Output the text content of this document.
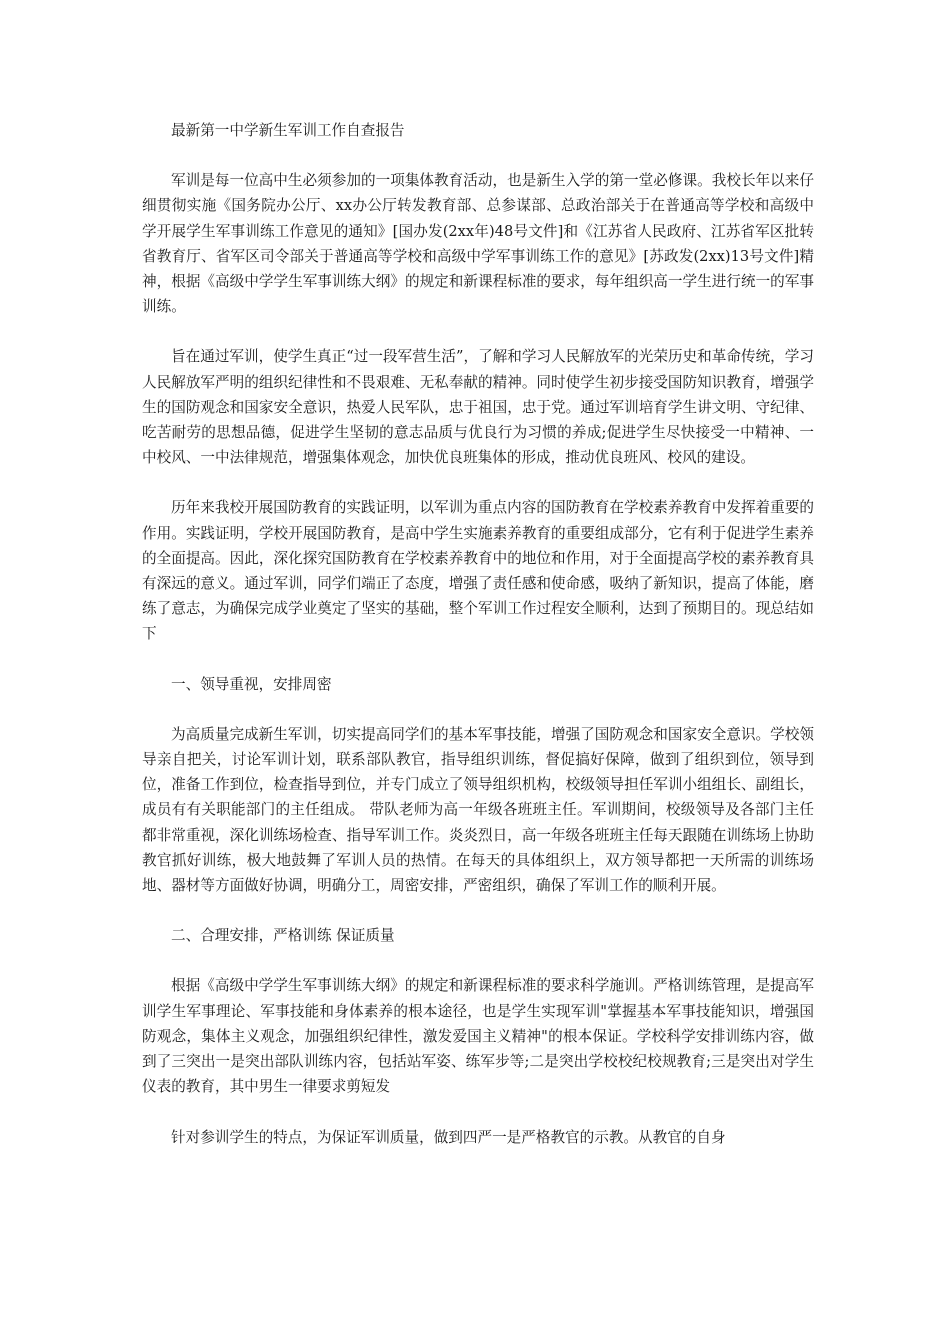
最新第一中学新生军训工作自查报告

军训是每一位高中生必须参加的一项集体教育活动，也是新生入学的第一堂必修课。我校长年以来仔细贯彻实施《国务院办公厅、xx办公厅转发教育部、总参谋部、总政治部关于在普通高等学校和高级中学开展学生军事训练工作意见的通知》[国办发(2xx年)48号文件]和《江苏省人民政府、江苏省军区批转省教育厅、省军区司令部关于普通高等学校和高级中学军事训练工作的意见》[苏政发(2xx)13号文件]精神，根据《高级中学学生军事训练大纲》的规定和新课程标准的要求，每年组织高一学生进行统一的军事训练。

旨在通过军训，使学生真正“过一段军营生活”，了解和学习人民解放军的光荣历史和革命传统，学习人民解放军严明的组织纪律性和不畏艰难、无私奉献的精神。同时使学生初步接受国防知识教育，增强学生的国防观念和国家安全意识，热爱人民军队，忠于祖国，忠于党。通过军训培育学生讲文明、守纪律、吃苦耐劳的思想品德，促进学生坚韧的意志品质与优良行为习惯的养成;促进学生尽快接受一中精神、一中校风、一中法律规范，增强集体观念，加快优良班集体的形成，推动优良班风、校风的建设。

历年来我校开展国防教育的实践证明，以军训为重点内容的国防教育在学校素养教育中发挥着重要的作用。实践证明，学校开展国防教育，是高中学生实施素养教育的重要组成部分，它有利于促进学生素养的全面提高。因此，深化探究国防教育在学校素养教育中的地位和作用，对于全面提高学校的素养教育具有深远的意义。通过军训，同学们端正了态度，增强了责任感和使命感，吸纳了新知识，提高了体能，磨练了意志，为确保完成学业奠定了坚实的基础，整个军训工作过程安全顺利，达到了预期目的。现总结如下

一、领导重视，安排周密

为高质量完成新生军训，切实提高同学们的基本军事技能，增强了国防观念和国家安全意识。学校领导亲自把关，讨论军训计划，联系部队教官，指导组织训练，督促搞好保障，做到了组织到位，领导到位，准备工作到位，检查指导到位，并专门成立了领导组织机构，校级领导担任军训小组组长、副组长，成员有有关职能部门的主任组成。 带队老师为高一年级各班班主任。军训期间，校级领导及各部门主任都非常重视，深化训练场检查、指导军训工作。炎炎烈日，高一年级各班班主任每天跟随在训练场上协助教官抓好训练，极大地鼓舞了军训人员的热情。在每天的具体组织上，双方领导都把一天所需的训练场地、器材等方面做好协调，明确分工，周密安排，严密组织，确保了军训工作的顺利开展。

二、合理安排，严格训练 保证质量

根据《高级中学学生军事训练大纲》的规定和新课程标准的要求科学施训。严格训练管理，是提高军训学生军事理论、军事技能和身体素养的根本途径，也是学生实现军训"掌握基本军事技能知识，增强国防观念，集体主义观念，加强组织纪律性，激发爱国主义精神"的根本保证。学校科学安排训练内容，做到了三突出一是突出部队训练内容，包括站军姿、练军步等;二是突出学校校纪校规教育;三是突出对学生仪表的教育，其中男生一律要求剪短发

针对参训学生的特点，为保证军训质量，做到四严一是严格教官的示教。从教官的自身
